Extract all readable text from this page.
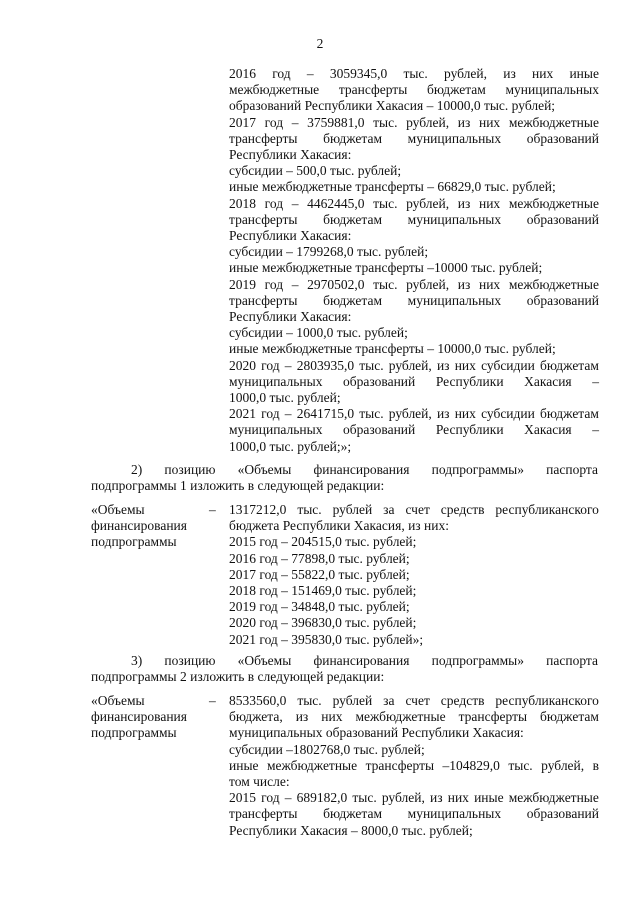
2
2016 год – 3059345,0 тыс. рублей, из них иные
межбюджетные трансферты бюджетам муниципальных
образований Республики Хакасия – 10000,0 тыс. рублей;
2017 год – 3759881,0 тыс. рублей, из них межбюджетные
трансферты бюджетам муниципальных образований
Республики Хакасия:
субсидии – 500,0 тыс. рублей;
иные межбюджетные трансферты – 66829,0 тыс. рублей;
2018 год – 4462445,0 тыс. рублей, из них межбюджетные
трансферты бюджетам муниципальных образований
Республики Хакасия:
субсидии – 1799268,0 тыс. рублей;
иные межбюджетные трансферты –10000 тыс. рублей;
2019 год – 2970502,0 тыс. рублей, из них межбюджетные
трансферты бюджетам муниципальных образований
Республики Хакасия:
субсидии – 1000,0 тыс. рублей;
иные межбюджетные трансферты – 10000,0 тыс. рублей;
2020 год – 2803935,0 тыс. рублей, из них субсидии бюджетам
муниципальных образований Республики Хакасия –
1000,0 тыс. рублей;
2021 год – 2641715,0 тыс. рублей, из них субсидии бюджетам
муниципальных образований Республики Хакасия –
1000,0 тыс. рублей;»;
2) позицию «Объемы финансирования подпрограммы» паспорта
подпрограммы 1 изложить в следующей редакции:
«Объемы
финансирования
подпрограммы
– 1317212,0 тыс. рублей за счет средств республиканского
бюджета Республики Хакасия, из них:
2015 год – 204515,0 тыс. рублей;
2016 год – 77898,0 тыс. рублей;
2017 год – 55822,0 тыс. рублей;
2018 год – 151469,0 тыс. рублей;
2019 год – 34848,0 тыс. рублей;
2020 год – 396830,0 тыс. рублей;
2021 год – 395830,0 тыс. рублей»;
3) позицию «Объемы финансирования подпрограммы» паспорта
подпрограммы 2 изложить в следующей редакции:
«Объемы
финансирования
подпрограммы
– 8533560,0 тыс. рублей за счет средств республиканского
бюджета, из них межбюджетные трансферты бюджетам
муниципальных образований Республики Хакасия:
субсидии –1802768,0 тыс. рублей;
иные межбюджетные трансферты –104829,0 тыс. рублей, в
том числе:
2015 год – 689182,0 тыс. рублей, из них иные межбюджетные
трансферты бюджетам муниципальных образований
Республики Хакасия – 8000,0 тыс. рублей;
